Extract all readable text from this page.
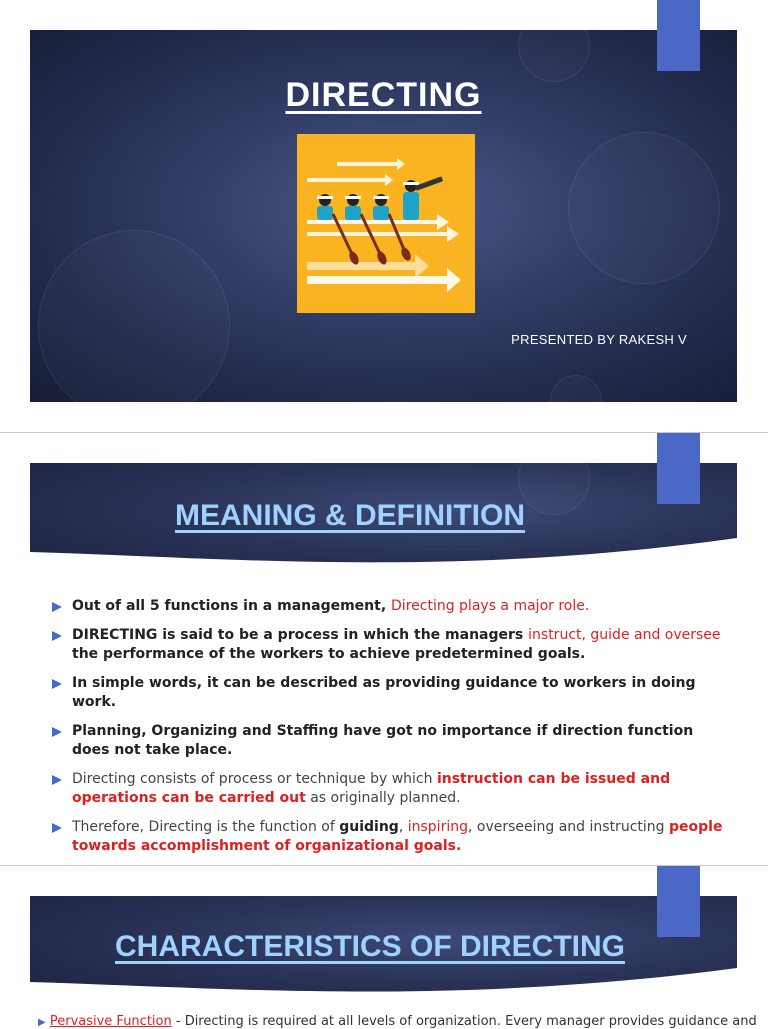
DIRECTING
PRESENTED BY RAKESH V
MEANING & DEFINITION
Out of all 5 functions in a management, Directing plays a major role.
DIRECTING is said to be a process in which the managers instruct, guide and oversee the performance of the workers to achieve predetermined goals.
In simple words, it can be described as providing guidance to workers in doing work.
Planning, Organizing and Staffing have got no importance if direction function does not take place.
Directing consists of process or technique by which instruction can be issued and operations can be carried out as originally planned.
Therefore, Directing is the function of guiding, inspiring, overseeing and instructing people towards accomplishment of organizational goals.
CHARACTERISTICS OF DIRECTING
▶ Pervasive Function - Directing is required at all levels of organization. Every manager provides guidance and
